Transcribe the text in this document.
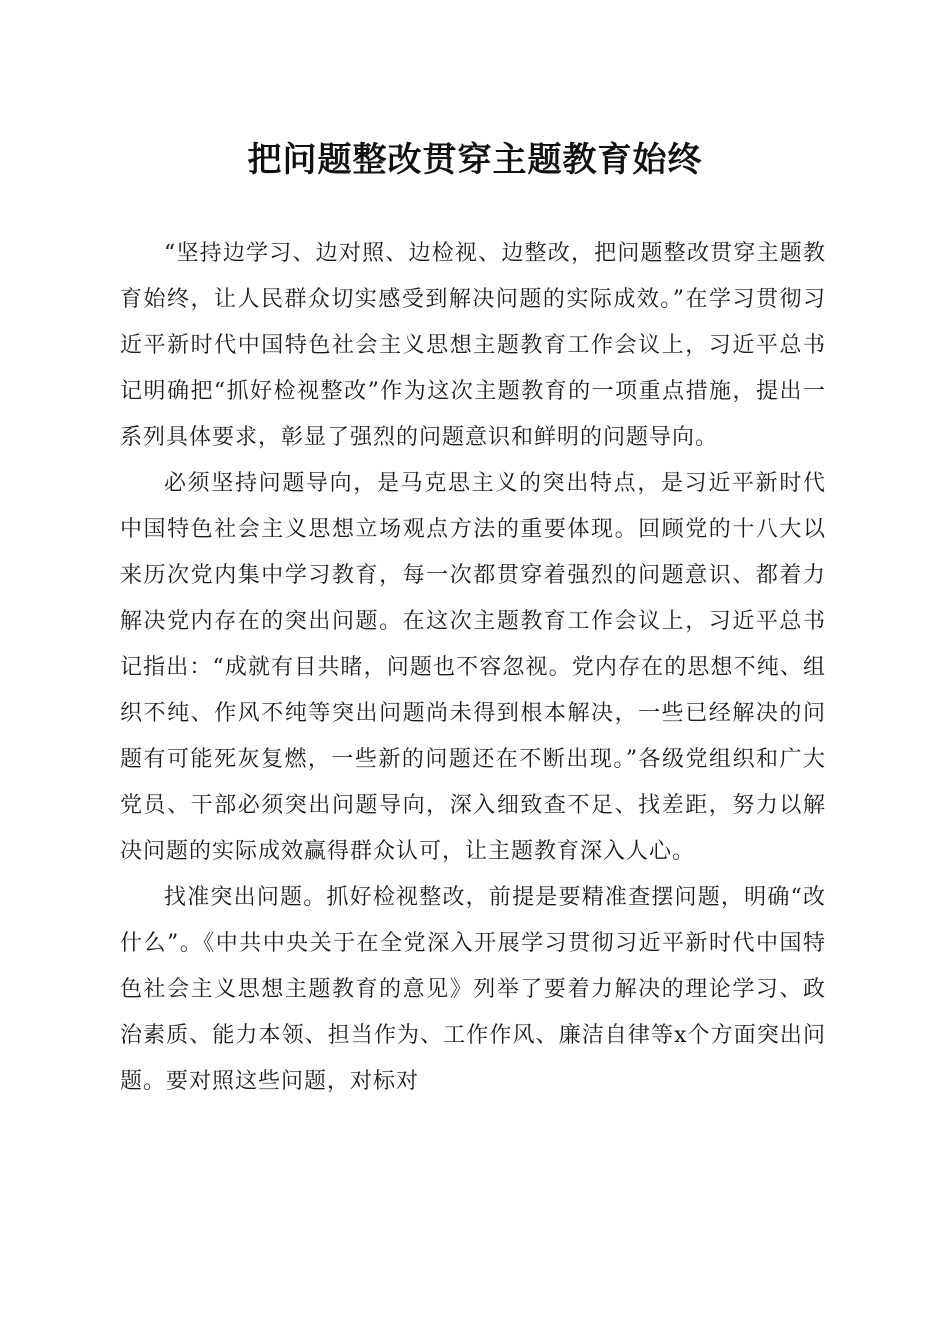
把问题整改贯穿主题教育始终

“坚持边学习、边对照、边检视、边整改，把问题整改贯穿主题教育始终，让人民群众切实感受到解决问题的实际成效。”在学习贯彻习近平新时代中国特色社会主义思想主题教育工作会议上，习近平总书记明确把“抓好检视整改”作为这次主题教育的一项重点措施，提出一系列具体要求，彰显了强烈的问题意识和鲜明的问题导向。

必须坚持问题导向，是马克思主义的突出特点，是习近平新时代中国特色社会主义思想立场观点方法的重要体现。回顾党的十八大以来历次党内集中学习教育，每一次都贯穿着强烈的问题意识、都着力解决党内存在的突出问题。在这次主题教育工作会议上，习近平总书记指出：“成就有目共睹，问题也不容忽视。党内存在的思想不纯、组织不纯、作风不纯等突出问题尚未得到根本解决，一些已经解决的问题有可能死灰复燃，一些新的问题还在不断出现。”各级党组织和广大党员、干部必须突出问题导向，深入细致查不足、找差距，努力以解决问题的实际成效赢得群众认可，让主题教育深入人心。

找准突出问题。抓好检视整改，前提是要精准查摆问题，明确“改什么”。《中共中央关于在全党深入开展学习贯彻习近平新时代中国特色社会主义思想主题教育的意见》列举了要着力解决的理论学习、政治素质、能力本领、担当作为、工作作风、廉洁自律等x个方面突出问题。要对照这些问题，对标对
